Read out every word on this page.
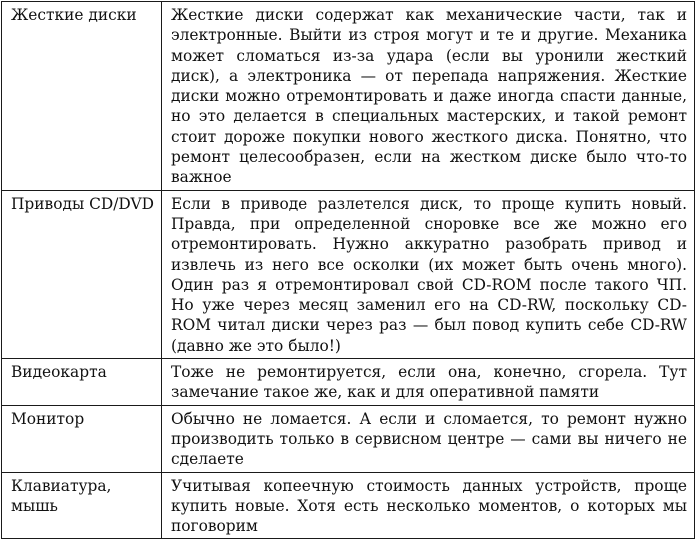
Жесткие диски	Жесткие диски содержат как механические части, так и электронные. Выйти из строя могут и те и другие. Механика может сломаться из-за удара (если вы уронили жесткий диск), а электроника — от перепада напряжения. Жесткие диски можно отремонтировать и даже иногда спасти данные, но это делается в специальных мастерских, и такой ремонт стоит дороже покупки нового жесткого диска. Понятно, что ремонт целесообразен, если на жестком диске было что-то важное
Приводы CD/DVD	Если в приводе разлетелся диск, то проще купить новый. Правда, при определенной сноровке все же можно его отремонтировать. Нужно аккуратно разобрать привод и извлечь из него все осколки (их может быть очень много). Один раз я отремонтировал свой CD-ROM после такого ЧП. Но уже через месяц заменил его на CD-RW, поскольку CD-ROM читал диски через раз — был повод купить себе CD-RW (давно же это было!)
Видеокарта	Тоже не ремонтируется, если она, конечно, сгорела. Тут замечание такое же, как и для оперативной памяти
Монитор	Обычно не ломается. А если и сломается, то ремонт нужно производить только в сервисном центре — сами вы ничего не сделаете
Клавиатура, мышь	Учитывая копеечную стоимость данных устройств, проще купить новые. Хотя есть несколько моментов, о которых мы поговорим
